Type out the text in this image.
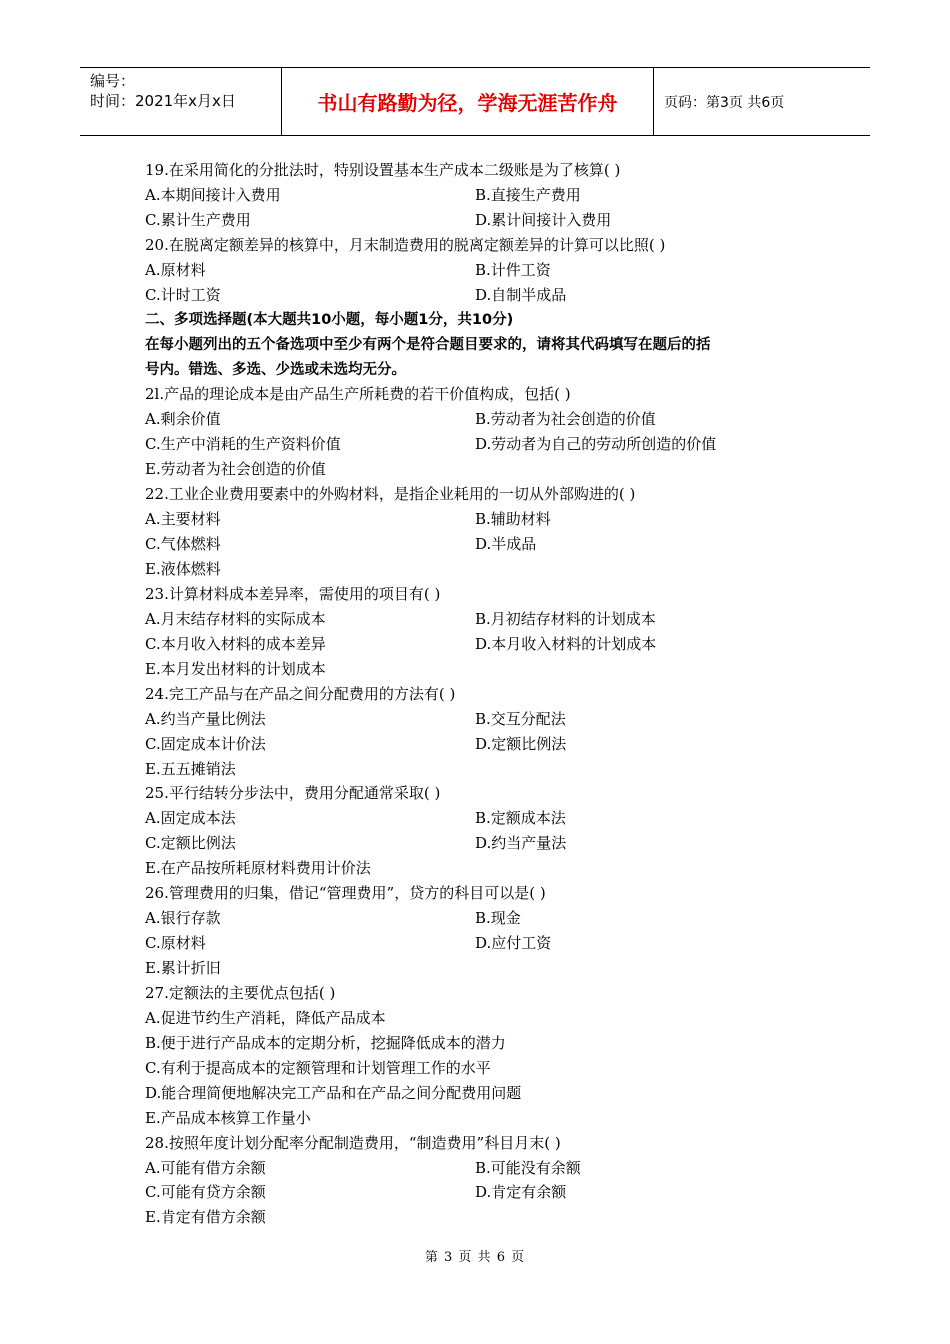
编号：
时间：2021年x月x日	书山有路勤为径，学海无涯苦作舟	页码：第3页 共6页
19.在采用简化的分批法时，特别设置基本生产成本二级账是为了核算( )
A.本期间接计入费用	B.直接生产费用
C.累计生产费用	D.累计间接计入费用
20.在脱离定额差异的核算中，月末制造费用的脱离定额差异的计算可以比照( )
A.原材料	B.计件工资
C.计时工资	D.自制半成品
二、多项选择题(本大题共10小题，每小题1分，共10分)
在每小题列出的五个备选项中至少有两个是符合题目要求的，请将其代码填写在题后的括
号内。错选、多选、少选或未选均无分。
2l.产品的理论成本是由产品生产所耗费的若干价值构成，包括( )
A.剩余价值	B.劳动者为社会创造的价值
C.生产中消耗的生产资料价值	D.劳动者为自己的劳动所创造的价值
E.劳动者为社会创造的价值
22.工业企业费用要素中的外购材料，是指企业耗用的一切从外部购进的( )
A.主要材料	B.辅助材料
C.气体燃料	D.半成品
E.液体燃料
23.计算材料成本差异率，需使用的项目有( )
A.月末结存材料的实际成本	B.月初结存材料的计划成本
C.本月收入材料的成本差异	D.本月收入材料的计划成本
E.本月发出材料的计划成本
24.完工产品与在产品之间分配费用的方法有( )
A.约当产量比例法	B.交互分配法
C.固定成本计价法	D.定额比例法
E.五五摊销法
25.平行结转分步法中，费用分配通常采取( )
A.固定成本法	B.定额成本法
C.定额比例法	D.约当产量法
E.在产品按所耗原材料费用计价法
26.管理费用的归集，借记“管理费用”，贷方的科目可以是( )
A.银行存款	B.现金
C.原材料	D.应付工资
E.累计折旧
27.定额法的主要优点包括( )
A.促进节约生产消耗，降低产品成本
B.便于进行产品成本的定期分析，挖掘降低成本的潜力
C.有利于提高成本的定额管理和计划管理工作的水平
D.能合理简便地解决完工产品和在产品之间分配费用问题
E.产品成本核算工作量小
28.按照年度计划分配率分配制造费用，“制造费用”科目月末( )
A.可能有借方余额	B.可能没有余额
C.可能有贷方余额	D.肯定有余额
E.肯定有借方余额
第 3 页 共 6 页
